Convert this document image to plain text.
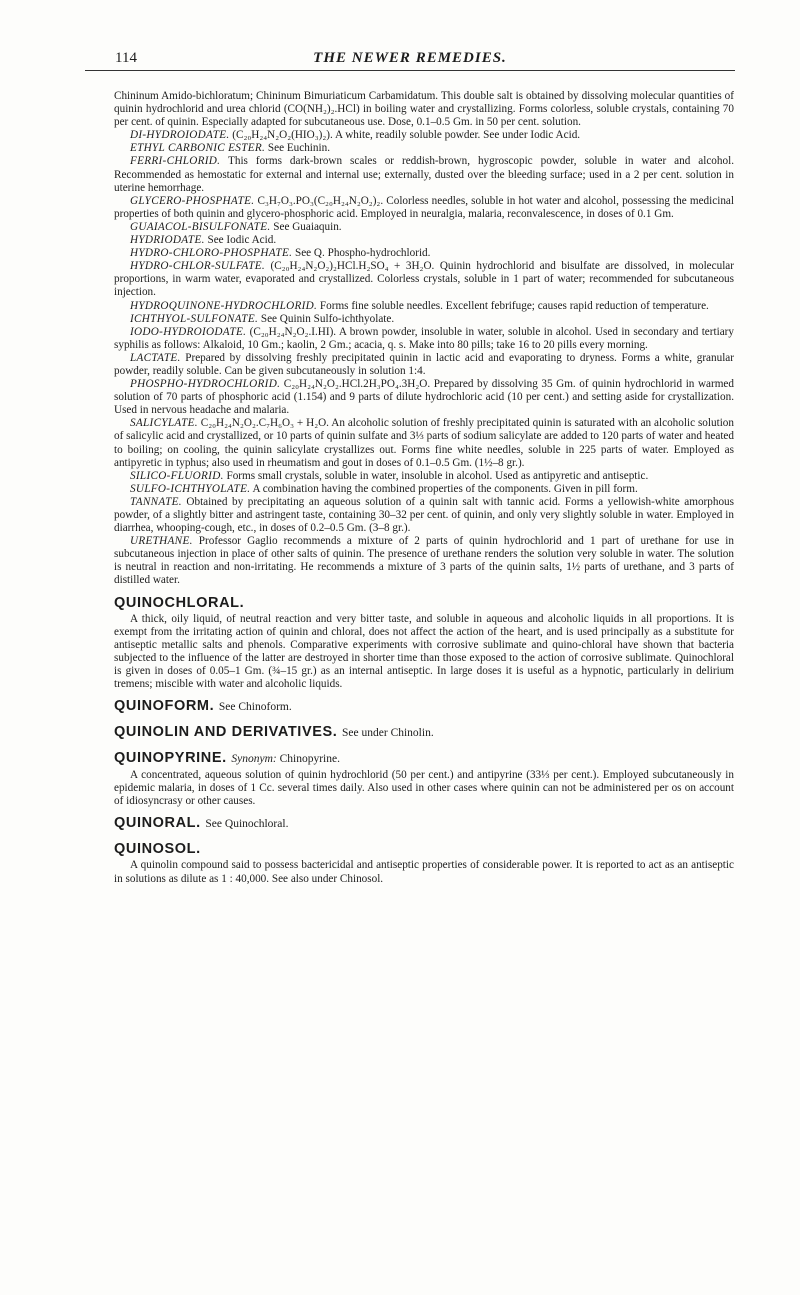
114	THE NEWER REMEDIES.

Chininum Amido-bichloratum; Chininum Bimuriaticum Carbamidatum. This double salt is obtained by dissolving molecular quantities of quinin hydrochlorid and urea chlorid (CO(NH₂)₂.HCl) in boiling water and crystallizing. Forms colorless, soluble crystals, containing 70 per cent. of quinin. Especially adapted for subcutaneous use. Dose, 0.1–0.5 Gm. in 50 per cent. solution.

DI-HYDROIODATE. (C₂₀H₂₄N₂O₂(HIO₃)₂). A white, readily soluble powder. See under Iodic Acid.

ETHYL CARBONIC ESTER. See Euchinin.

FERRI-CHLORID. This forms dark-brown scales or reddish-brown, hygroscopic powder, soluble in water and alcohol. Recommended as hemostatic for external and internal use; externally, dusted over the bleeding surface; used in a 2 per cent. solution in uterine hemorrhage.

GLYCERO-PHOSPHATE. C₃H₇O₃.PO₃(C₂₀H₂₄N₂O₂)₂. Colorless needles, soluble in hot water and alcohol, possessing the medicinal properties of both quinin and glycero-phosphoric acid. Employed in neuralgia, malaria, reconvalescence, in doses of 0.1 Gm.

GUAIACOL-BISULFONATE. See Guaiaquin.

HYDRIODATE. See Iodic Acid.

HYDRO-CHLORO-PHOSPHATE. See Q. Phospho-hydrochlorid.

HYDRO-CHLOR-SULFATE. (C₂₀H₂₄N₂O₂)₂HCl.H₂SO₄ + 3H₂O. Quinin hydrochlorid and bisulfate are dissolved, in molecular proportions, in warm water, evaporated and crystallized. Colorless crystals, soluble in 1 part of water; recommended for subcutaneous injection.

HYDROQUINONE-HYDROCHLORID. Forms fine soluble needles. Excellent febrifuge; causes rapid reduction of temperature.

ICHTHYOL-SULFONATE. See Quinin Sulfo-ichthyolate.

IODO-HYDROIODATE. (C₂₀H₂₄N₂O₂.I.HI). A brown powder, insoluble in water, soluble in alcohol. Used in secondary and tertiary syphilis as follows: Alkaloid, 10 Gm.; kaolin, 2 Gm.; acacia, q. s. Make into 80 pills; take 16 to 20 pills every morning.

LACTATE. Prepared by dissolving freshly precipitated quinin in lactic acid and evaporating to dryness. Forms a white, granular powder, readily soluble. Can be given subcutaneously in solution 1:4.

PHOSPHO-HYDROCHLORID. C₂₀H₂₄N₂O₂.HCl.2H₃PO₄.3H₂O. Prepared by dissolving 35 Gm. of quinin hydrochlorid in warmed solution of 70 parts of phosphoric acid (1.154) and 9 parts of dilute hydrochloric acid (10 per cent.) and setting aside for crystallization. Used in nervous headache and malaria.

SALICYLATE. C₂₀H₂₄N₂O₂.C₇H₆O₃ + H₂O. An alcoholic solution of freshly precipitated quinin is saturated with an alcoholic solution of salicylic acid and crystallized, or 10 parts of quinin sulfate and 3⅓ parts of sodium salicylate are added to 120 parts of water and heated to boiling; on cooling, the quinin salicylate crystallizes out. Forms fine white needles, soluble in 225 parts of water. Employed as antipyretic in typhus; also used in rheumatism and gout in doses of 0.1–0.5 Gm. (1½–8 gr.).

SILICO-FLUORID. Forms small crystals, soluble in water, insoluble in alcohol. Used as antipyretic and antiseptic.

SULFO-ICHTHYOLATE. A combination having the combined properties of the components. Given in pill form.

TANNATE. Obtained by precipitating an aqueous solution of a quinin salt with tannic acid. Forms a yellowish-white amorphous powder, of a slightly bitter and astringent taste, containing 30–32 per cent. of quinin, and only very slightly soluble in water. Employed in diarrhea, whooping-cough, etc., in doses of 0.2–0.5 Gm. (3–8 gr.).

URETHANE. Professor Gaglio recommends a mixture of 2 parts of quinin hydrochlorid and 1 part of urethane for use in subcutaneous injection in place of other salts of quinin. The presence of urethane renders the solution very soluble in water. The solution is neutral in reaction and non-irritating. He recommends a mixture of 3 parts of the quinin salts, 1½ parts of urethane, and 3 parts of distilled water.

QUINOCHLORAL.

A thick, oily liquid, of neutral reaction and very bitter taste, and soluble in aqueous and alcoholic liquids in all proportions. It is exempt from the irritating action of quinin and chloral, does not affect the action of the heart, and is used principally as a substitute for antiseptic metallic salts and phenols. Comparative experiments with corrosive sublimate and quino-chloral have shown that bacteria subjected to the influence of the latter are destroyed in shorter time than those exposed to the action of corrosive sublimate. Quinochloral is given in doses of 0.05–1 Gm. (¾–15 gr.) as an internal antiseptic. In large doses it is useful as a hypnotic, particularly in delirium tremens; miscible with water and alcoholic liquids.

QUINOFORM. See Chinoform.
QUINOLIN AND DERIVATIVES. See under Chinolin.
QUINOPYRINE. Synonym: Chinopyrine.

A concentrated, aqueous solution of quinin hydrochlorid (50 per cent.) and antipyrine (33⅓ per cent.). Employed subcutaneously in epidemic malaria, in doses of 1 Cc. several times daily. Also used in other cases where quinin can not be administered per os on account of idiosyncrasy or other causes.

QUINORAL. See Quinochloral.
QUINOSOL.

A quinolin compound said to possess bactericidal and antiseptic properties of considerable power. It is reported to act as an antiseptic in solutions as dilute as 1 : 40,000. See also under Chinosol.
